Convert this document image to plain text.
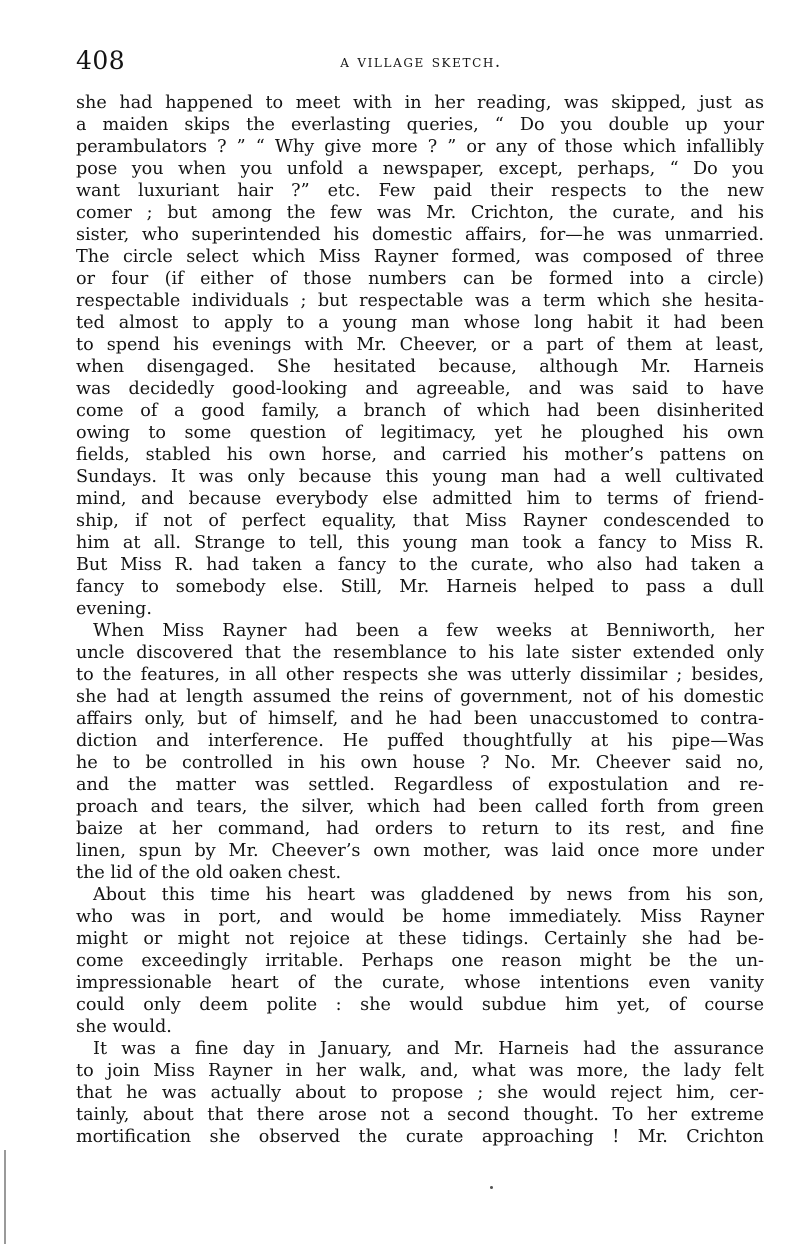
408	a village sketch.
she had happened to meet with in her reading, was skipped, just as
a maiden skips the everlasting queries, “ Do you double up your
perambulators ? ” “ Why give more ? ” or any of those which infallibly
pose you when you unfold a newspaper, except, perhaps, “ Do you
want luxuriant hair ?” etc. Few paid their respects to the new
comer ; but among the few was Mr. Crichton, the curate, and his
sister, who superintended his domestic affairs, for—he was unmarried.
The circle select which Miss Rayner formed, was composed of three
or four (if either of those numbers can be formed into a circle)
respectable individuals ; but respectable was a term which she hesita-
ted almost to apply to a young man whose long habit it had been
to spend his evenings with Mr. Cheever, or a part of them at least,
when disengaged. She hesitated because, although Mr. Harneis
was decidedly good-looking and agreeable, and was said to have
come of a good family, a branch of which had been disinherited
owing to some question of legitimacy, yet he ploughed his own
fields, stabled his own horse, and carried his mother’s pattens on
Sundays. It was only because this young man had a well cultivated
mind, and because everybody else admitted him to terms of friend-
ship, if not of perfect equality, that Miss Rayner condescended to
him at all. Strange to tell, this young man took a fancy to Miss R.
But Miss R. had taken a fancy to the curate, who also had taken a
fancy to somebody else. Still, Mr. Harneis helped to pass a dull
evening.
When Miss Rayner had been a few weeks at Benniworth, her
uncle discovered that the resemblance to his late sister extended only
to the features, in all other respects she was utterly dissimilar ; besides,
she had at length assumed the reins of government, not of his domestic
affairs only, but of himself, and he had been unaccustomed to contra-
diction and interference. He puffed thoughtfully at his pipe—Was
he to be controlled in his own house ? No. Mr. Cheever said no,
and the matter was settled. Regardless of expostulation and re-
proach and tears, the silver, which had been called forth from green
baize at her command, had orders to return to its rest, and fine
linen, spun by Mr. Cheever’s own mother, was laid once more under
the lid of the old oaken chest.
About this time his heart was gladdened by news from his son,
who was in port, and would be home immediately. Miss Rayner
might or might not rejoice at these tidings. Certainly she had be-
come exceedingly irritable. Perhaps one reason might be the un-
impressionable heart of the curate, whose intentions even vanity
could only deem polite : she would subdue him yet, of course
she would.
It was a fine day in January, and Mr. Harneis had the assurance
to join Miss Rayner in her walk, and, what was more, the lady felt
that he was actually about to propose ; she would reject him, cer-
tainly, about that there arose not a second thought. To her extreme
mortification she observed the curate approaching ! Mr. Crichton
